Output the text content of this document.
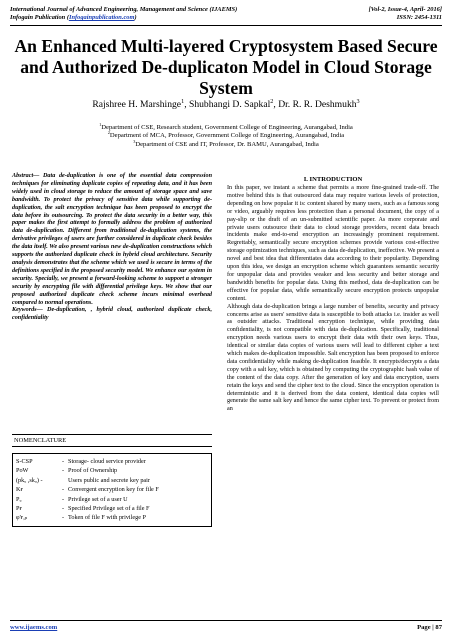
International Journal of Advanced Engineering, Management and Science (IJAEMS)	[Vol-2, Issue-4, April- 2016]
Infogain Publication (Infogainpublication.com)	ISSN: 2454-1311
An Enhanced Multi-layered Cryptosystem Based Secure and Authorized De-duplicaton Model in Cloud Storage System
Rajshree H. Marshinge$^1$, Shubhangi D. Sapkal$^2$, Dr. R. R. Deshmukh$^3$
$^1$Department of CSE, Research student, Government College of Engineering, Aurangabad, India
$^2$Department of MCA, Professor, Government College of Engineering, Aurangabad, India
$^3$Department of CSE and IT, Professor, Dr. BAMU, Aurangabad, India

Abstract— Data de-duplication is one of the essential data compression techniques for eliminating duplicate copies of repeating data, and it has been widely used in cloud storage to reduce the amount of storage space and save bandwidth. To protect the privacy of sensitive data while supporting de-duplication, the salt encryption technique has been proposed to encrypt the data before its outsourcing. To protect the data security in a better way, this paper makes the first attempt to formally address the problem of authorized data de-duplication. Different from traditional de-duplication systems, the derivative privileges of users are further considered in duplicate check besides the data itself. We also present various new de-duplication constructions which supports the authorized duplicate check in hybrid cloud architecture. Security analysis demonstrates that the scheme which we used is secure in terms of the definitions specified in the proposed security model. We enhance our system in security. Specially, we present a forward-looking scheme to support a stronger security by encrypting file with differential privilege keys. We show that our proposed authorized duplicate check scheme incurs minimal overhead compared to normal operations.

Keywords— De-duplication, , hybrid cloud, authorized duplicate check, confidentiality

NOMENCLATURE
S-CSP	- Storage- cloud service provider
PoW	- Proof of Ownership
(pkᵤ ,skᵤ) -	Users public and secrete key pair
Kғ	- Convergent encryption key for file F
Pᵤ	- Privilege set of a user U
Pғ	- Specified Privilege set of a file F
φ'ғ,ₚ	- Token of file F with privilege P
I. INTRODUCTION

In this paper, we instant a scheme that permits a more fine-grained trade-off. The motive behind this is that outsourced data may require various levels of protection, depending on how popular it is: content shared by many users, such as a famous song or video, arguably requires less protection than a personal document, the copy of a pay-slip or the draft of an un-submitted scientific paper. As more corporate and private users outsource their data to cloud storage providers, recent data breach incidents make end-to-end encryption an increasingly prominent requirement. Regrettably, semantically secure encryption schemes provide various cost-effective storage optimization techniques, such as data de-duplication, ineffective. We present a novel and best idea that differentiates data according to their popularity. Depending upon this idea, we design an encryption scheme which guarantees semantic security for unpopular data and provides weaker and less security and better storage and bandwidth benefits for popular data. Using this method, data de-duplication can be effective for popular data, while semantically secure encryption protects unpopular content.

Although data de-duplication brings a large number of benefits, security and privacy concerns arise as users' sensitive data is susceptible to both attacks i.e. insider as well as outsider attacks. Traditional encryption technique, while providing data confidentiality, is not compatible with data de-duplication. Specifically, traditional encryption needs various users to encrypt their data with their own keys. Thus, identical or similar data copies of various users will lead to different cipher a text which makes de-duplication impossible. Salt encryption has been proposed to enforce data confidentiality while making de-duplication feasible. It encrypts/decrypts a data copy with a salt key, which is obtained by computing the cryptographic hash value of the content of the data copy. After the generation of key and data encryption, users retain the keys and send the cipher text to the cloud. Since the encryption operation is deterministic and it is derived from the data content, identical data copies will generate the same salt key and hence the same cipher text. To prevent or protect from an

www.ijaems.com	Page | 87
